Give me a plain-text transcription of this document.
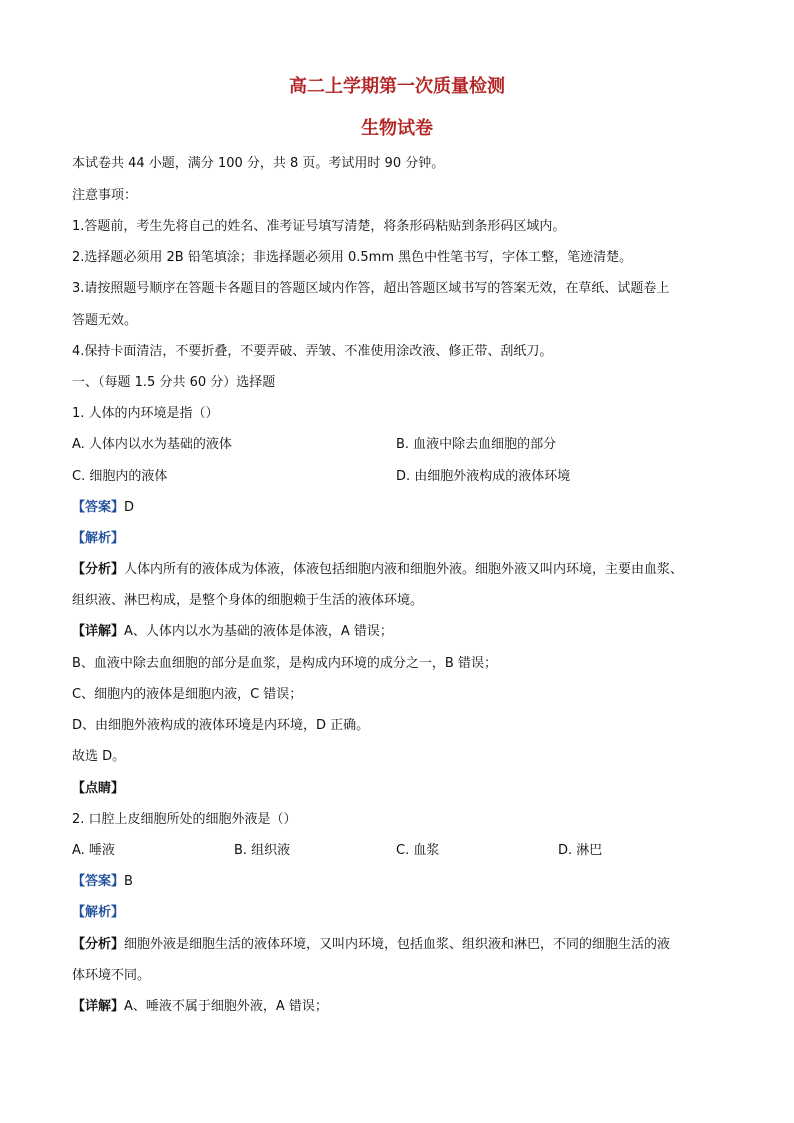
高二上学期第一次质量检测
生物试卷
本试卷共 44 小题，满分 100 分，共 8 页。考试用时 90 分钟。
注意事项：
1.答题前，考生先将自己的姓名、准考证号填写清楚，将条形码粘贴到条形码区域内。
2.选择题必须用 2B 铅笔填涂；非选择题必须用 0.5mm 黑色中性笔书写，字体工整，笔迹清楚。
3.请按照题号顺序在答题卡各题目的答题区域内作答，超出答题区域书写的答案无效，在草纸、试题卷上
答题无效。
4.保持卡面清洁，不要折叠，不要弄破、弄皱、不准使用涂改液、修正带、刮纸刀。
一、（每题 1.5 分共 60 分）选择题
1. 人体的内环境是指（）
A. 人体内以水为基础的液体	B. 血液中除去血细胞的部分
C. 细胞内的液体	D. 由细胞外液构成的液体环境
【答案】D
【解析】
【分析】人体内所有的液体成为体液，体液包括细胞内液和细胞外液。细胞外液又叫内环境，主要由血浆、
组织液、淋巴构成，是整个身体的细胞赖于生活的液体环境。
【详解】A、人体内以水为基础的液体是体液，A 错误；
B、血液中除去血细胞的部分是血浆，是构成内环境的成分之一，B 错误；
C、细胞内的液体是细胞内液，C 错误；
D、由细胞外液构成的液体环境是内环境，D 正确。
故选 D。
【点睛】
2. 口腔上皮细胞所处的细胞外液是（）
A. 唾液	B. 组织液	C. 血浆	D. 淋巴
【答案】B
【解析】
【分析】细胞外液是细胞生活的液体环境，又叫内环境，包括血浆、组织液和淋巴，不同的细胞生活的液
体环境不同。
【详解】A、唾液不属于细胞外液，A 错误；
